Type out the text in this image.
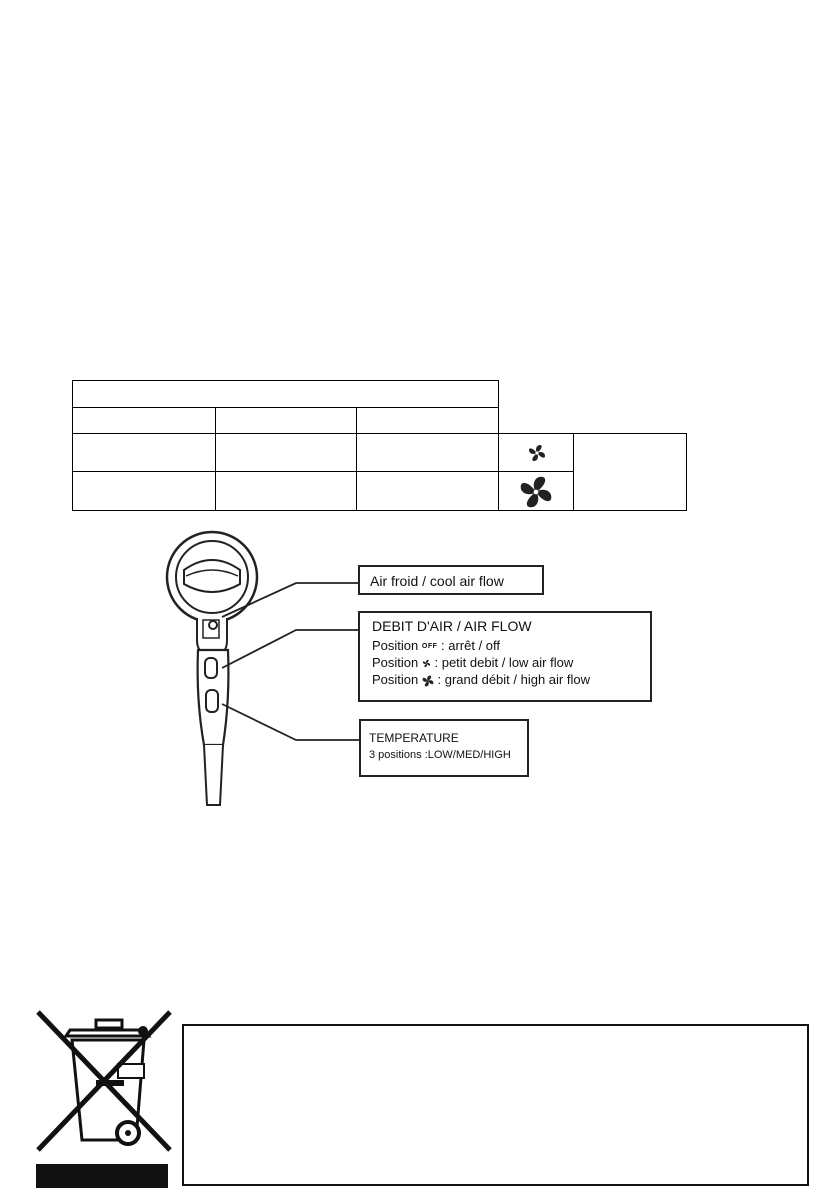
Air froid / cool air flow
DEBIT D'AIR / AIR FLOW
Position OFF : arrêt / off
Position : petit debit / low air flow
Position : grand débit / high air flow
TEMPERATURE
3 positions :LOW/MED/HIGH
